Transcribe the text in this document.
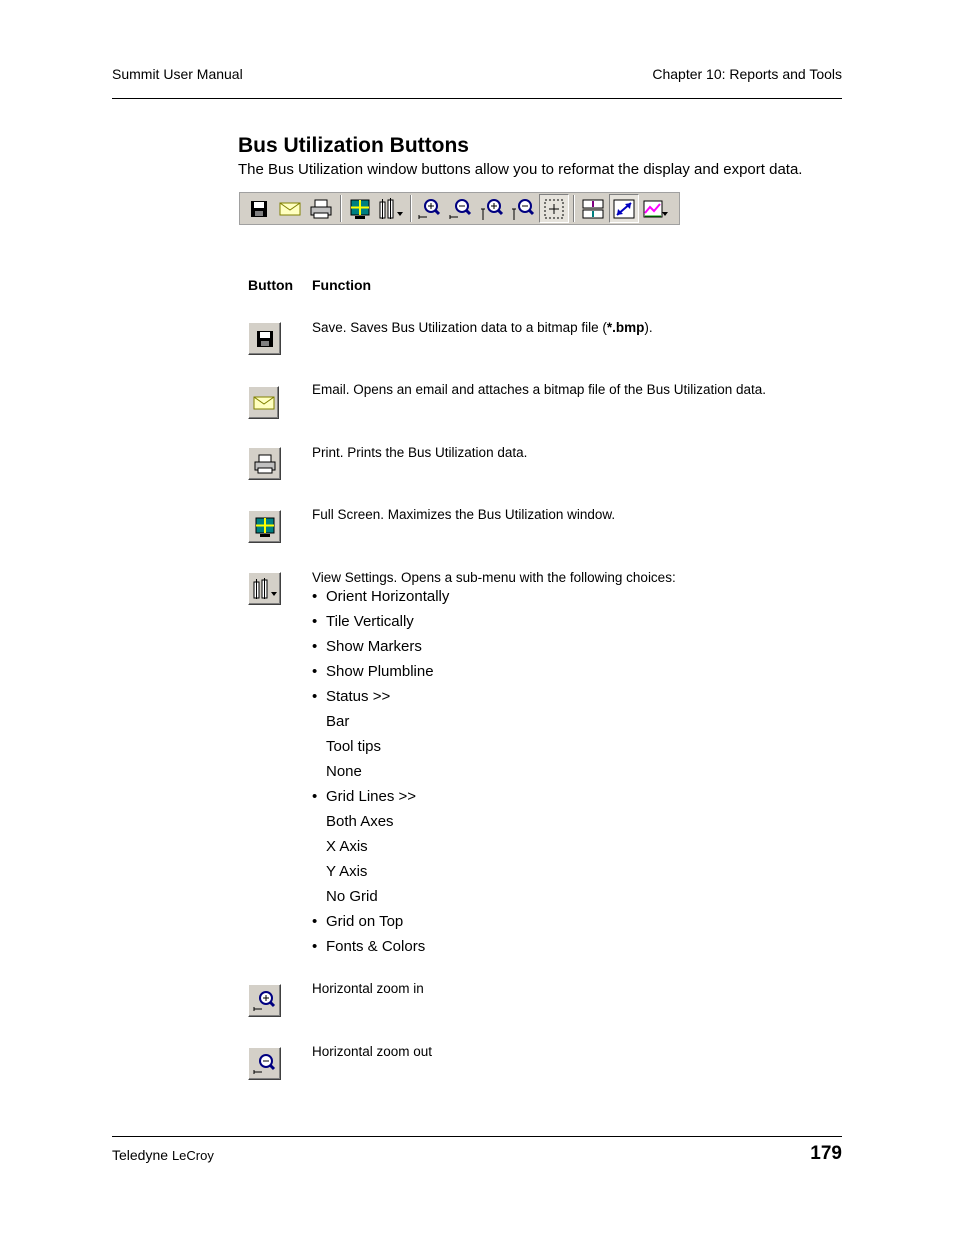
Summit User Manual	Chapter 10: Reports and Tools
Bus Utilization Buttons

The Bus Utilization window buttons allow you to reformat the display and export data.

Button Function
Save. Saves Bus Utilization data to a bitmap file (*.bmp).
Email. Opens an email and attaches a bitmap file of the Bus Utilization data.
Print. Prints the Bus Utilization data.
Full Screen. Maximizes the Bus Utilization window.
View Settings. Opens a sub-menu with the following choices:
• Orient Horizontally
• Tile Vertically
• Show Markers
• Show Plumbline
• Status >>
Bar
Tool tips
None
• Grid Lines >>
Both Axes
X Axis
Y Axis
No Grid
• Grid on Top
• Fonts & Colors
Horizontal zoom in
Horizontal zoom out
Teledyne LeCroy	179
